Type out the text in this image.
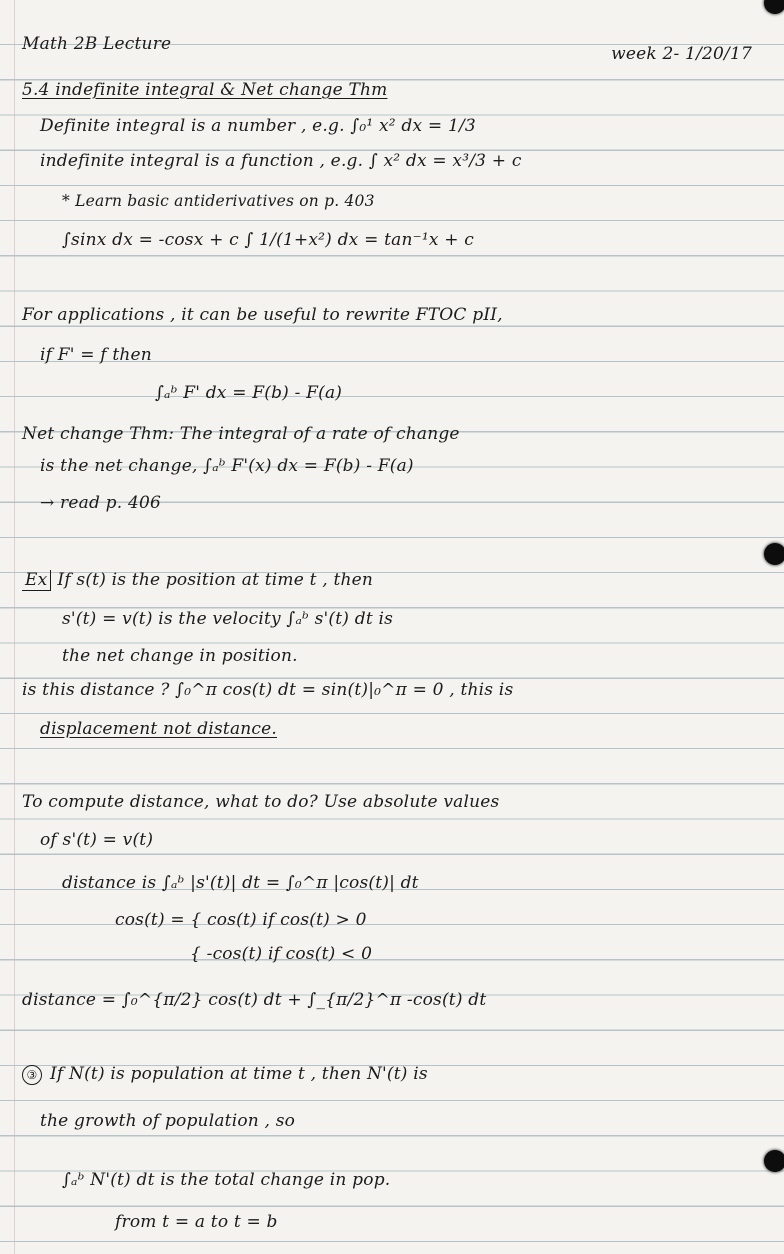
Math 2B Lecture	week 2- 1/20/17
5.4 indefinite integral & Net change Thm
Definite integral is a number , e.g. ∫₀¹ x² dx = 1/3
indefinite integral is a function , e.g. ∫ x² dx = x³/3 + c
* Learn basic antiderivatives on p. 403
∫sinx dx = -cosx + c ∫ 1/(1+x²) dx = tan⁻¹x + c
For applications , it can be useful to rewrite FTOC pII,
if F' = f then
∫ₐᵇ F' dx = F(b) - F(a)
Net change Thm: The integral of a rate of change
is the net change, ∫ₐᵇ F'(x) dx = F(b) - F(a)
→ read p. 406
Ex If s(t) is the position at time t , then
s'(t) = v(t) is the velocity ∫ₐᵇ s'(t) dt is
the net change in position.
is this distance ? ∫₀^π cos(t) dt = sin(t)|₀^π = 0 , this is
displacement not distance.
To compute distance, what to do? Use absolute values
of s'(t) = v(t)
distance is ∫ₐᵇ |s'(t)| dt = ∫₀^π |cos(t)| dt
cos(t) = { cos(t) if cos(t) > 0
{ -cos(t) if cos(t) < 0
distance = ∫₀^{π/2} cos(t) dt + ∫_{π/2}^π -cos(t) dt
③ If N(t) is population at time t , then N'(t) is
the growth of population , so
∫ₐᵇ N'(t) dt is the total change in pop.
from t = a to t = b
